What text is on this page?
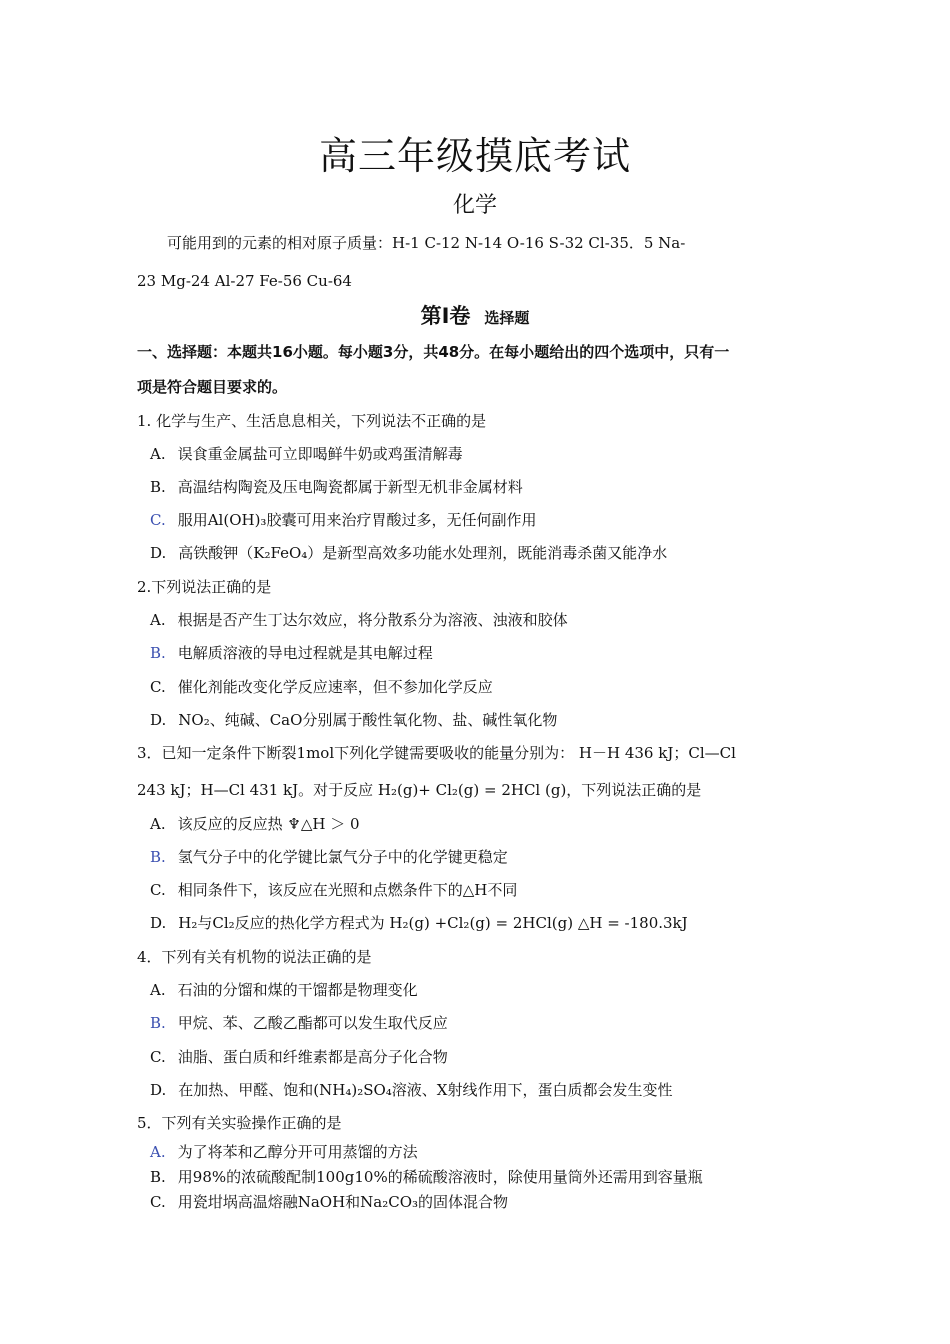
高三年级摸底考试
化学
可能用到的元素的相对原子质量：H-1 C-12 N-14 O-16 S-32 Cl-35．5 Na-
23 Mg-24 Al-27 Fe-56 Cu-64
第Ⅰ卷 选择题
一、选择题：本题共16小题。每小题3分，共48分。在每小题给出的四个选项中，只有一
项是符合题目要求的。
1. 化学与生产、生活息息相关，下列说法不正确的是
A. 误食重金属盐可立即喝鲜牛奶或鸡蛋清解毒
B. 高温结构陶瓷及压电陶瓷都属于新型无机非金属材料
C. 服用Al(OH)₃胶囊可用来治疗胃酸过多，无任何副作用
D. 高铁酸钾（K₂FeO₄）是新型高效多功能水处理剂，既能消毒杀菌又能净水
2.下列说法正确的是
A. 根据是否产生丁达尔效应，将分散系分为溶液、浊液和胶体
B. 电解质溶液的导电过程就是其电解过程
C. 催化剂能改变化学反应速率，但不参加化学反应
D. NO₂、纯碱、CaO分别属于酸性氧化物、盐、碱性氧化物
3．已知一定条件下断裂1mol下列化学键需要吸收的能量分别为： H－H 436 kJ；Cl—Cl
243 kJ；H—Cl 431 kJ。对于反应 H₂(g)+ Cl₂(g) = 2HCl (g)，下列说法正确的是
A. 该反应的反应热 ♆△H ＞ 0
B. 氢气分子中的化学键比氯气分子中的化学键更稳定
C. 相同条件下，该反应在光照和点燃条件下的△H不同
D. H₂与Cl₂反应的热化学方程式为 H₂(g) +Cl₂(g) = 2HCl(g) △H = -180.3kJ
4．下列有关有机物的说法正确的是
A. 石油的分馏和煤的干馏都是物理变化
B. 甲烷、苯、乙酸乙酯都可以发生取代反应
C. 油脂、蛋白质和纤维素都是高分子化合物
D. 在加热、甲醛、饱和(NH₄)₂SO₄溶液、X射线作用下，蛋白质都会发生变性
5．下列有关实验操作正确的是
A. 为了将苯和乙醇分开可用蒸馏的方法
B. 用98%的浓硫酸配制100g10%的稀硫酸溶液时，除使用量筒外还需用到容量瓶
C. 用瓷坩埚高温熔融NaOH和Na₂CO₃的固体混合物
